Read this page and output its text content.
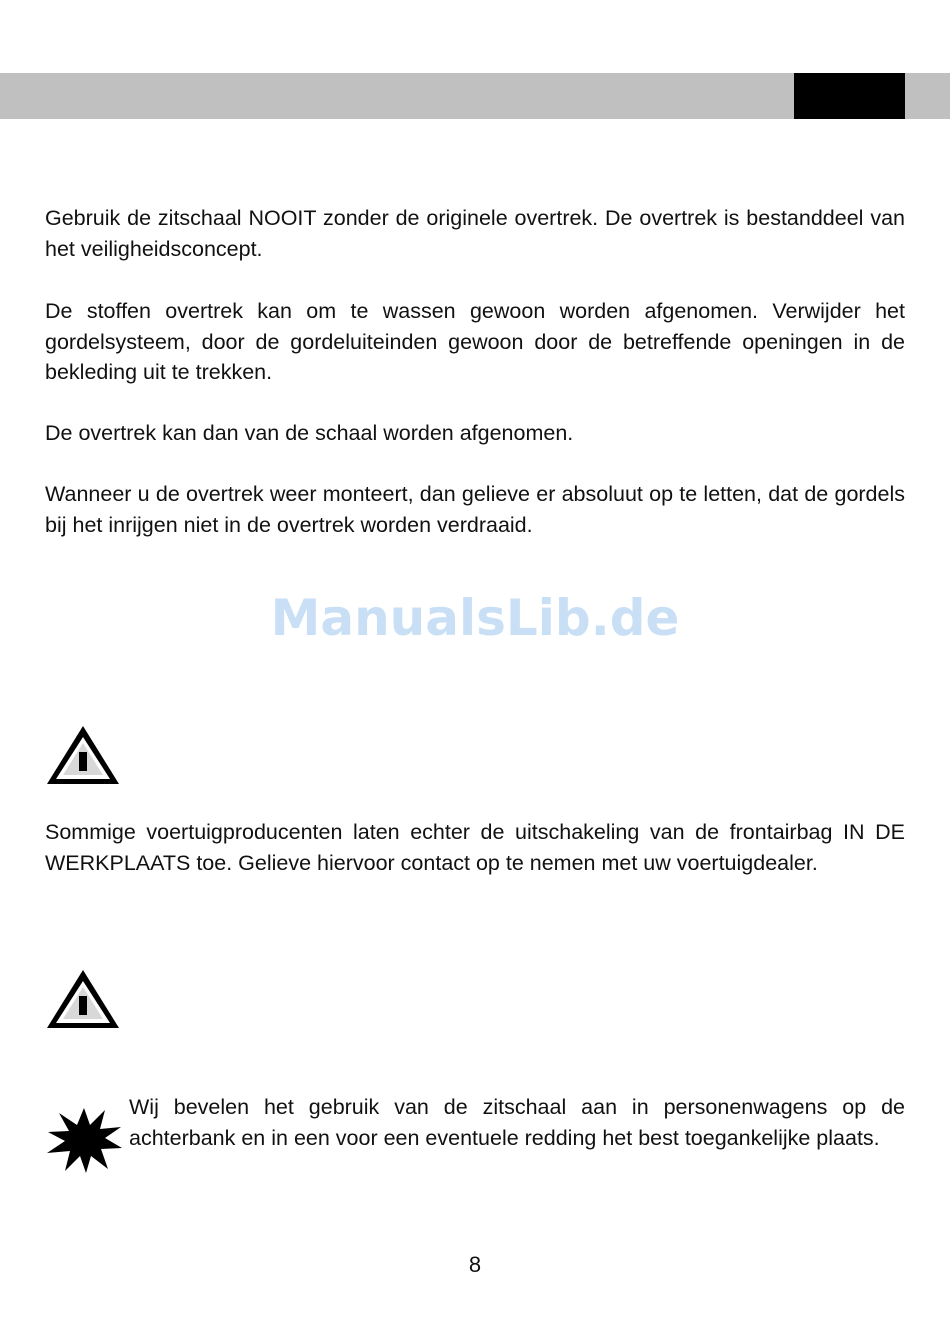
Gebruik de zitschaal NOOIT zonder de originele overtrek. De overtrek is bestanddeel van het veiligheidsconcept.

De stoffen overtrek kan om te wassen gewoon worden afgenomen. Verwijder het gordelsysteem, door de gordeluiteinden gewoon door de betreffende openingen in de bekleding uit te trekken.

De overtrek kan dan van de schaal worden afgenomen.

Wanneer u de overtrek weer monteert, dan gelieve er absoluut op te letten, dat de gordels bij het inrijgen niet in de overtrek worden verdraaid.

ManualsLib.de

Sommige voertuigproducenten laten echter de uitschakeling van de frontairbag IN DE WERKPLAATS toe. Gelieve hiervoor contact op te nemen met uw voertuigdealer.

Wij bevelen het gebruik van de zitschaal aan in personenwagens op de achterbank en in een voor een eventuele redding het best toegankelijke plaats.

8
